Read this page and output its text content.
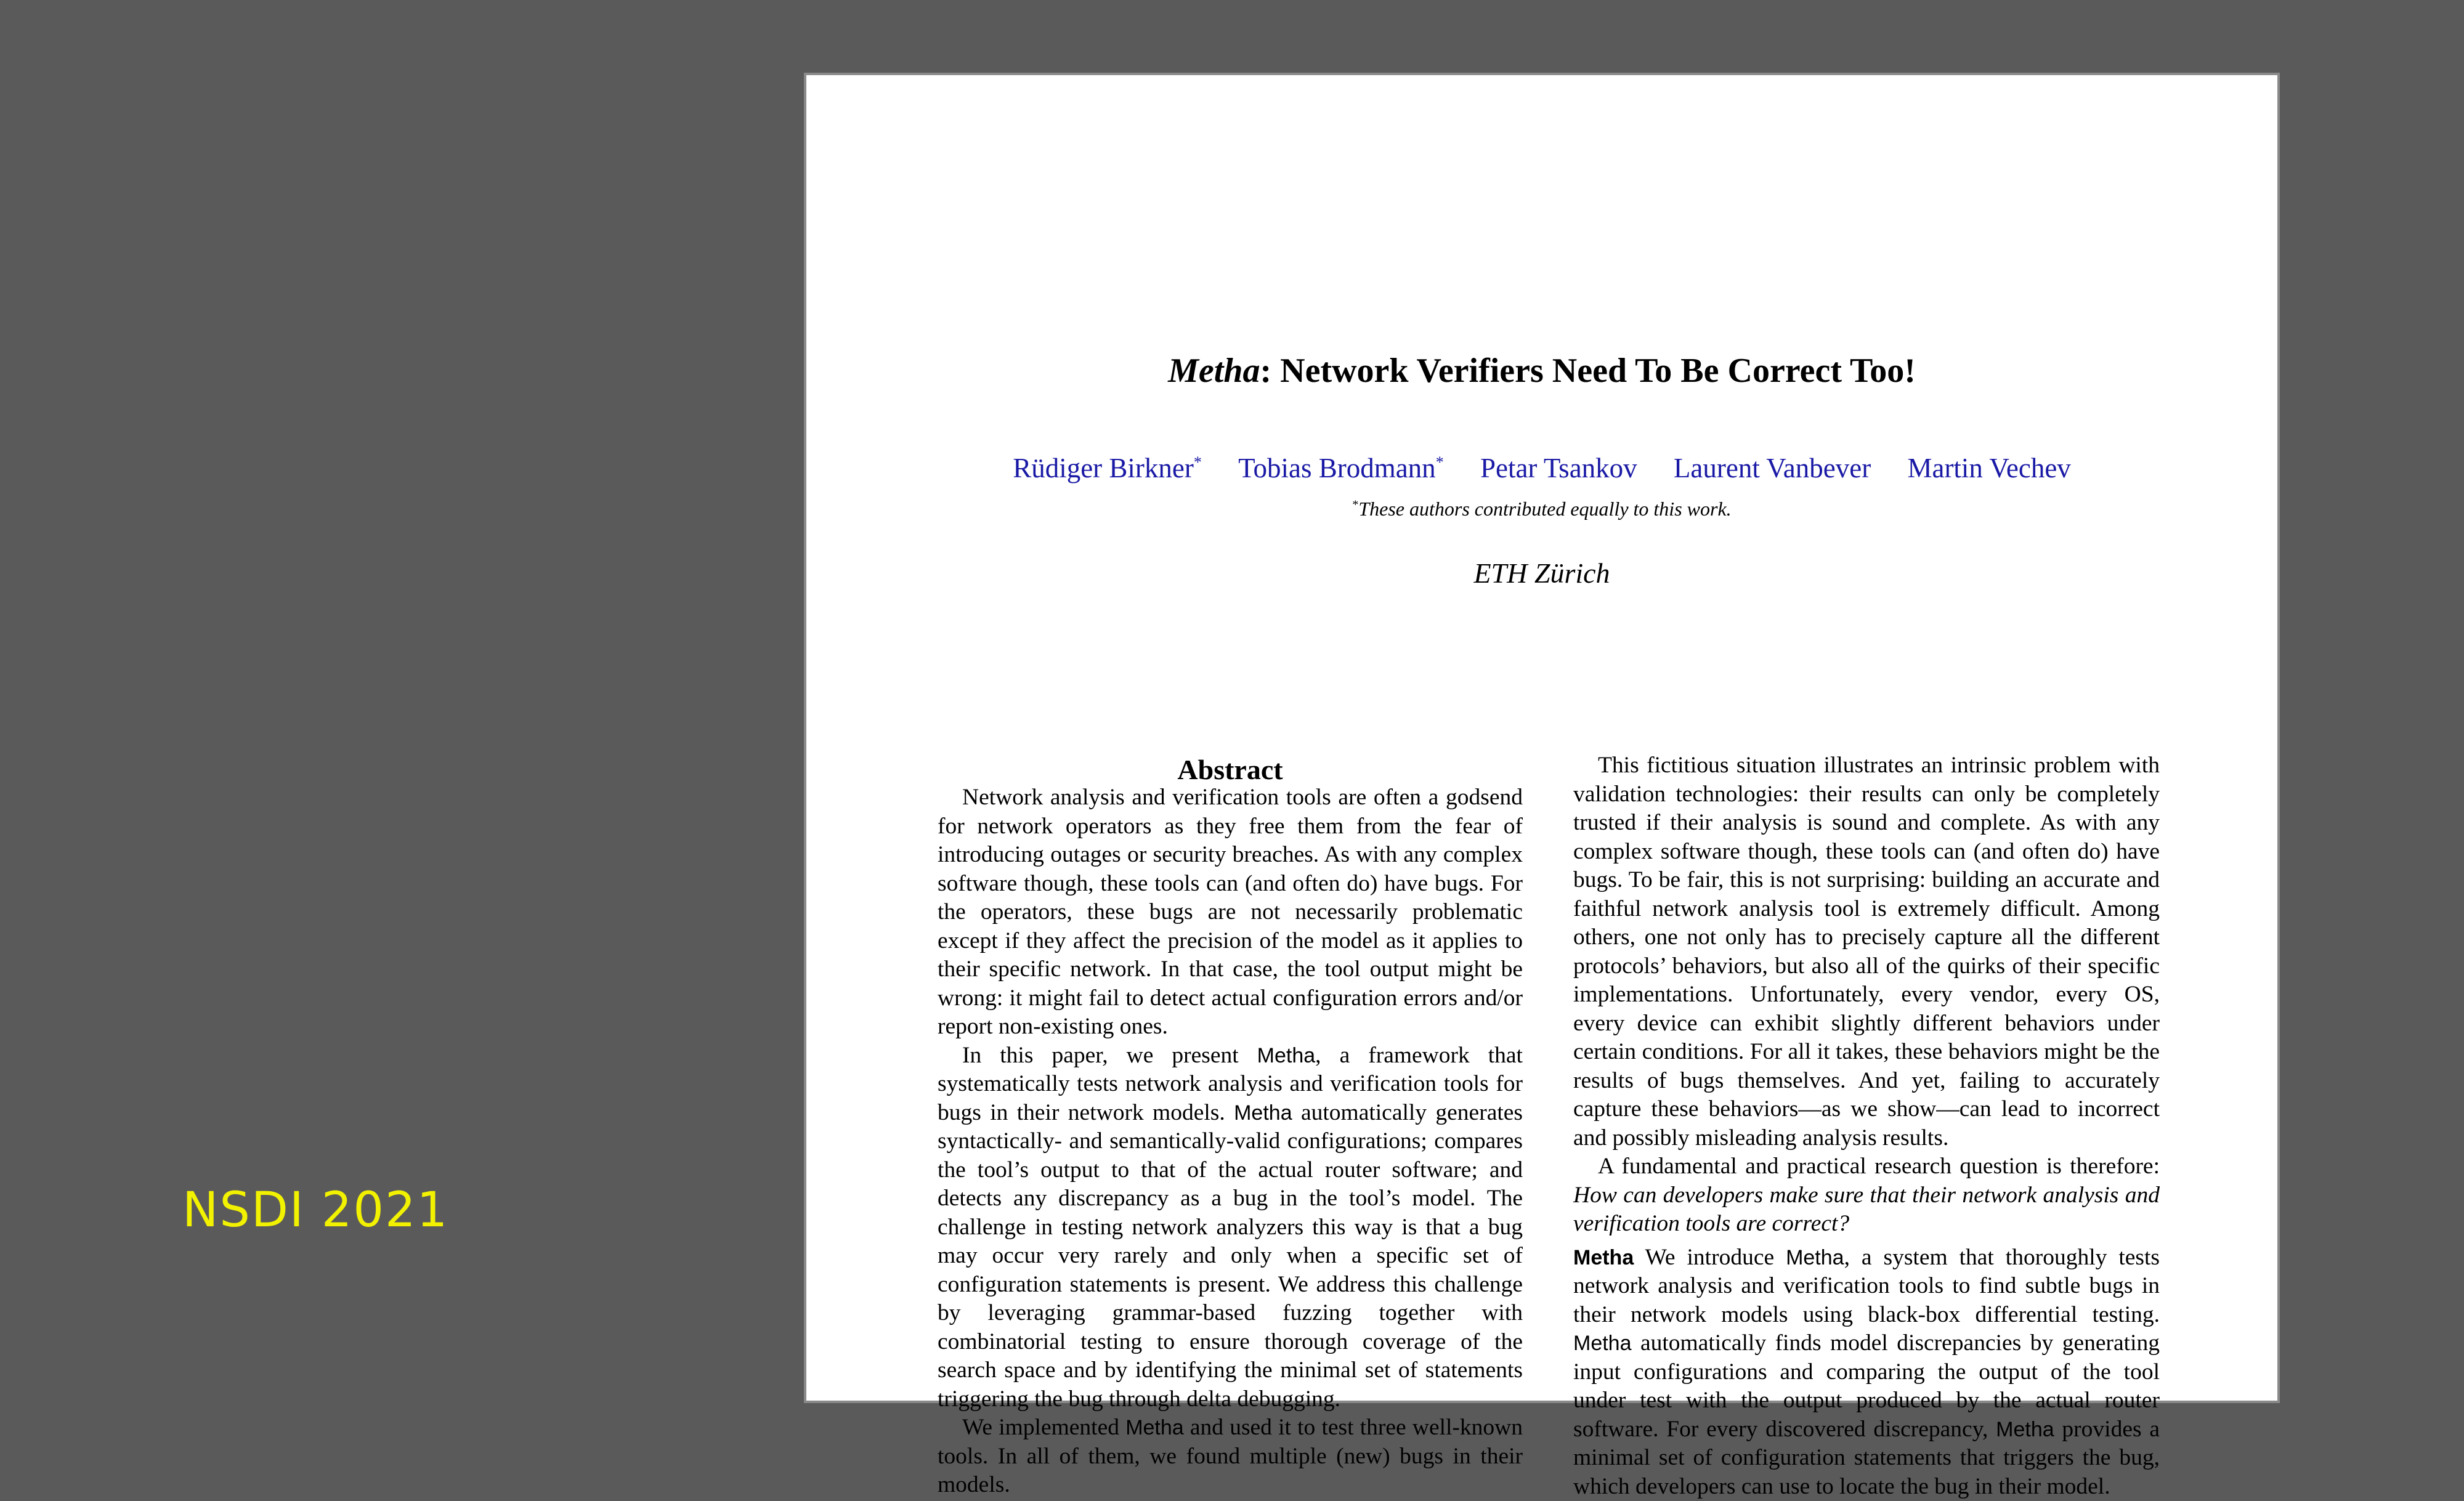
NSDI 2021
Metha: Network Verifiers Need To Be Correct Too!
Rüdiger Birkner* Tobias Brodmann* Petar Tsankov Laurent Vanbever Martin Vechev
*These authors contributed equally to this work.
ETH Zürich
Abstract

Network analysis and verification tools are often a godsend for network operators as they free them from the fear of introducing outages or security breaches. As with any complex software though, these tools can (and often do) have bugs. For the operators, these bugs are not necessarily problematic except if they affect the precision of the model as it applies to their specific network. In that case, the tool output might be wrong: it might fail to detect actual configuration errors and/or report non-existing ones.

In this paper, we present Metha, a framework that systematically tests network analysis and verification tools for bugs in their network models. Metha automatically generates syntactically- and semantically-valid configurations; compares the tool’s output to that of the actual router software; and detects any discrepancy as a bug in the tool’s model. The challenge in testing network analyzers this way is that a bug may occur very rarely and only when a specific set of configuration statements is present. We address this challenge by leveraging grammar-based fuzzing together with combinatorial testing to ensure thorough coverage of the search space and by identifying the minimal set of statements triggering the bug through delta debugging.

We implemented Metha and used it to test three well-known tools. In all of them, we found multiple (new) bugs in their models.

This fictitious situation illustrates an intrinsic problem with validation technologies: their results can only be completely trusted if their analysis is sound and complete. As with any complex software though, these tools can (and often do) have bugs. To be fair, this is not surprising: building an accurate and faithful network analysis tool is extremely difficult. Among others, one not only has to precisely capture all the different protocols’ behaviors, but also all of the quirks of their specific implementations. Unfortunately, every vendor, every OS, every device can exhibit slightly different behaviors under certain conditions. For all it takes, these behaviors might be the results of bugs themselves. And yet, failing to accurately capture these behaviors—as we show—can lead to incorrect and possibly misleading analysis results.

A fundamental and practical research question is therefore: How can developers make sure that their network analysis and verification tools are correct?

Metha We introduce Metha, a system that thoroughly tests network analysis and verification tools to find subtle bugs in their network models using black-box differential testing. Metha automatically finds model discrepancies by generating input configurations and comparing the output of the tool under test with the output produced by the actual router software. For every discovered discrepancy, Metha provides a minimal set of configuration statements that triggers the bug, which developers can use to locate the bug in their model.
